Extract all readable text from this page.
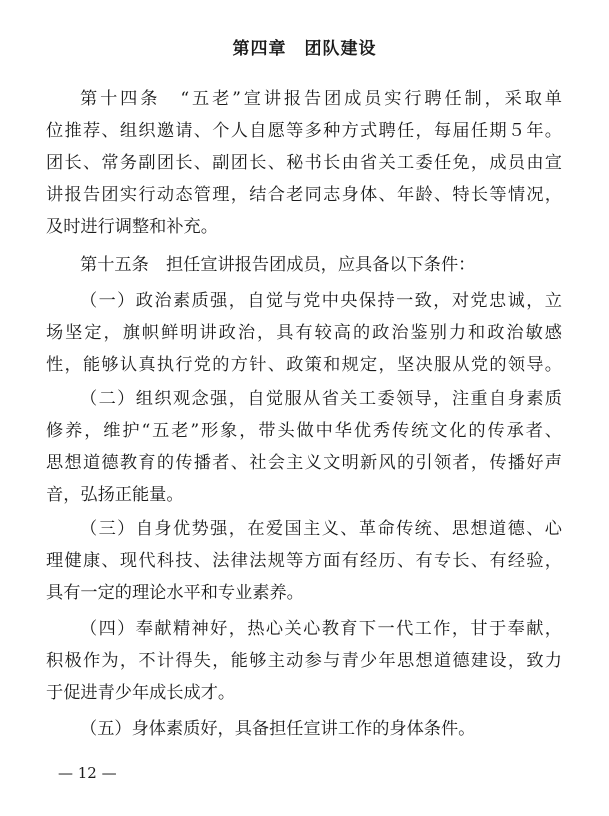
第四章　团队建设
第十四条　“五老”宣讲报告团成员实行聘任制，采取单
位推荐、组织邀请、个人自愿等多种方式聘任，每届任期５年。
团长、常务副团长、副团长、秘书长由省关工委任免，成员由宣
讲报告团实行动态管理，结合老同志身体、年龄、特长等情况，
及时进行调整和补充。
第十五条　担任宣讲报告团成员，应具备以下条件：
（一）政治素质强，自觉与党中央保持一致，对党忠诚，立
场坚定，旗帜鲜明讲政治，具有较高的政治鉴别力和政治敏感
性，能够认真执行党的方针、政策和规定，坚决服从党的领导。
（二）组织观念强，自觉服从省关工委领导，注重自身素质
修养，维护“五老”形象，带头做中华优秀传统文化的传承者、
思想道德教育的传播者、社会主义文明新风的引领者，传播好声
音，弘扬正能量。
（三）自身优势强，在爱国主义、革命传统、思想道德、心
理健康、现代科技、法律法规等方面有经历、有专长、有经验，
具有一定的理论水平和专业素养。
（四）奉献精神好，热心关心教育下一代工作，甘于奉献，
积极作为，不计得失，能够主动参与青少年思想道德建设，致力
于促进青少年成长成才。
（五）身体素质好，具备担任宣讲工作的身体条件。
— 12 —
